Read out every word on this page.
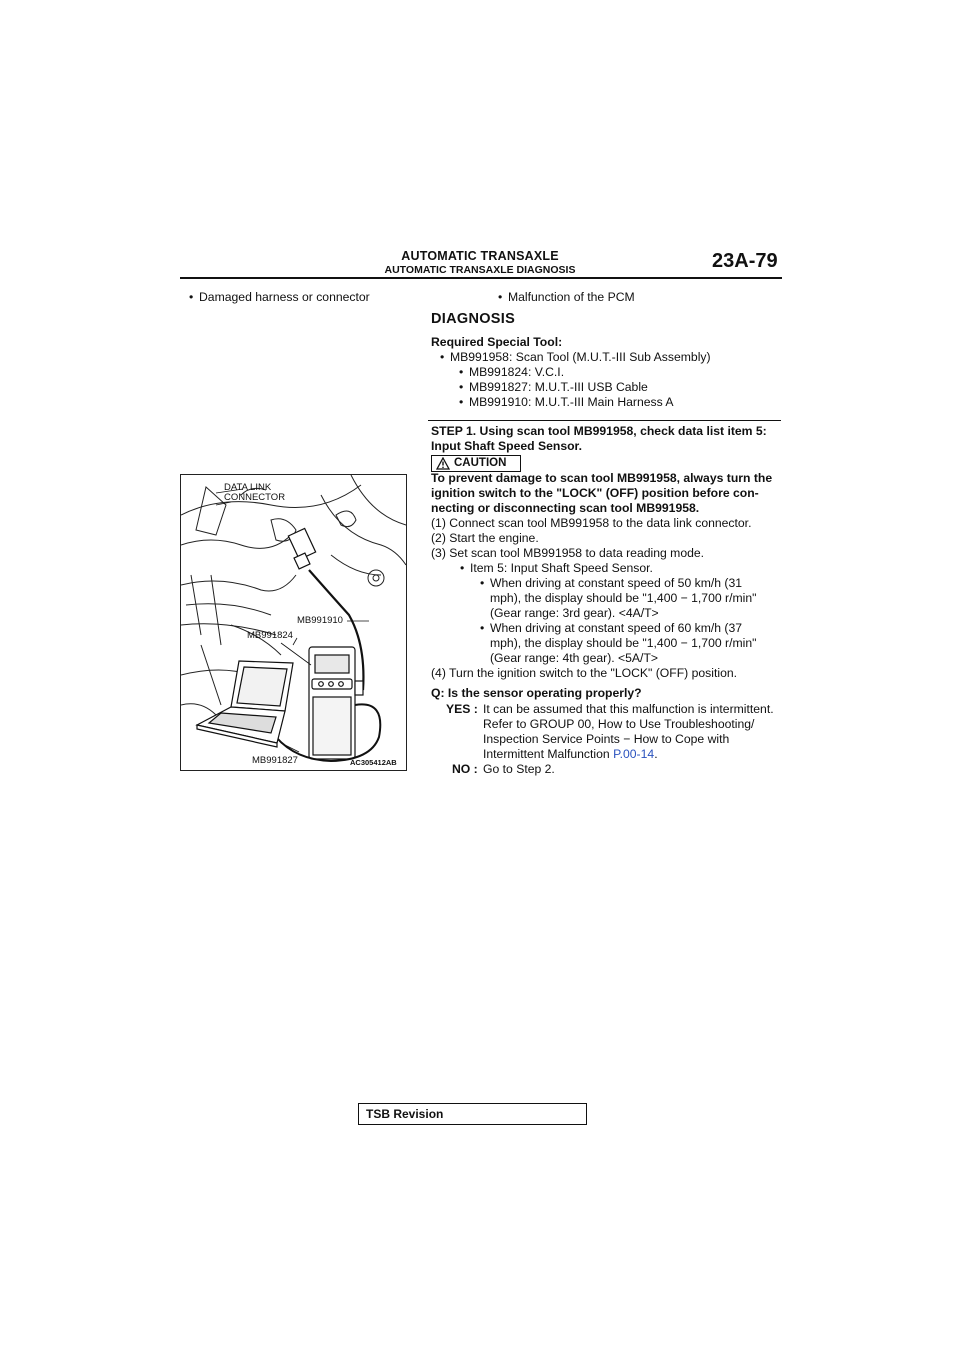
AUTOMATIC TRANSAXLE
AUTOMATIC TRANSAXLE DIAGNOSIS	23A-79
• Damaged harness or connector
•	Malfunction of the PCM
DIAGNOSIS
Required Special Tool:
• MB991958: Scan Tool (M.U.T.-III Sub Assembly)
• MB991824: V.C.I.
• MB991827: M.U.T.-III USB Cable
• MB991910: M.U.T.-III Main Harness A
STEP 1. Using scan tool MB991958, check data list item 5:
Input Shaft Speed Sensor.
CAUTION
To prevent damage to scan tool MB991958, always turn the
ignition switch to the "LOCK" (OFF) position before con-
necting or disconnecting scan tool MB991958.
(1) Connect scan tool MB991958 to the data link connector.
(2) Start the engine.
(3) Set scan tool MB991958 to data reading mode.
• Item 5: Input Shaft Speed Sensor.
• When driving at constant speed of 50 km/h (31
mph), the display should be "1,400 − 1,700 r/min"
(Gear range: 3rd gear). <4A/T>
• When driving at constant speed of 60 km/h (37
mph), the display should be "1,400 − 1,700 r/min"
(Gear range: 4th gear). <5A/T>
(4) Turn the ignition switch to the "LOCK" (OFF) position.
Q: Is the sensor operating properly?
YES : It can be assumed that this malfunction is intermittent.
Refer to GROUP 00, How to Use Troubleshooting/
Inspection Service Points − How to Cope with
Intermittent Malfunction P.00-14.
NO : Go to Step 2.
DATA LINK
CONNECTOR
MB991910
MB991824
MB991827	AC305412AB
TSB Revision
